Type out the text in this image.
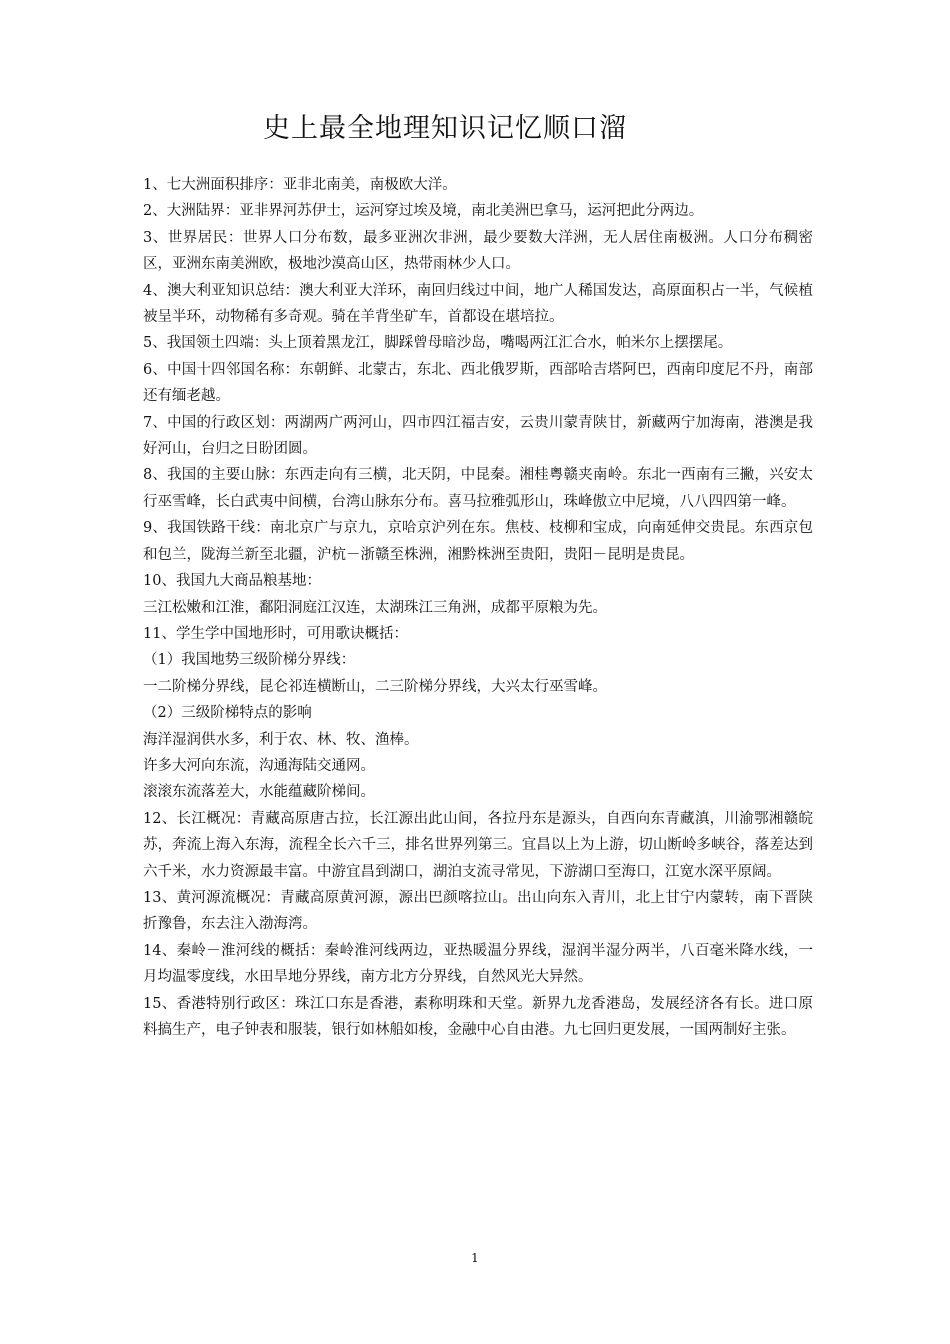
史上最全地理知识记忆顺口溜

1、七大洲面积排序：亚非北南美，南极欧大洋。

2、大洲陆界：亚非界河苏伊士，运河穿过埃及境，南北美洲巴拿马，运河把此分两边。

3、世界居民：世界人口分布数，最多亚洲次非洲，最少要数大洋洲，无人居住南极洲。人口分布稠密区，亚洲东南美洲欧，极地沙漠高山区，热带雨林少人口。

4、澳大利亚知识总结：澳大利亚大洋环，南回归线过中间，地广人稀国发达，高原面积占一半，气候植被呈半环，动物稀有多奇观。骑在羊背坐矿车，首都设在堪培拉。

5、我国领土四端：头上顶着黑龙江，脚踩曾母暗沙岛，嘴喝两江汇合水，帕米尔上摆摆尾。

6、中国十四邻国名称：东朝鲜、北蒙古，东北、西北俄罗斯，西部哈吉塔阿巴，西南印度尼不丹，南部还有缅老越。

7、中国的行政区划：两湖两广两河山，四市四江福吉安，云贵川蒙青陕甘，新藏两宁加海南，港澳是我好河山，台归之日盼团圆。

8、我国的主要山脉：东西走向有三横，北天阴，中昆秦。湘桂粤赣夹南岭。东北一西南有三撇，兴安太行巫雪峰，长白武夷中间横，台湾山脉东分布。喜马拉雅弧形山，珠峰傲立中尼境，八八四四第一峰。

9、我国铁路干线：南北京广与京九，京哈京沪列在东。焦枝、枝柳和宝成，向南延伸交贵昆。东西京包和包兰，陇海兰新至北疆，沪杭－浙赣至株洲，湘黔株洲至贵阳，贵阳－昆明是贵昆。

10、我国九大商品粮基地：

三江松嫩和江淮，鄱阳洞庭江汉连，太湖珠江三角洲，成都平原粮为先。

11、学生学中国地形时，可用歌诀概括：

（1）我国地势三级阶梯分界线：

一二阶梯分界线，昆仑祁连横断山，二三阶梯分界线，大兴太行巫雪峰。

（2）三级阶梯特点的影响

海洋湿润供水多，利于农、林、牧、渔棒。

许多大河向东流，沟通海陆交通网。

滚滚东流落差大，水能蕴藏阶梯间。

12、长江概况：青藏高原唐古拉，长江源出此山间，各拉丹东是源头，自西向东青藏滇，川渝鄂湘赣皖苏，奔流上海入东海，流程全长六千三，排名世界列第三。宜昌以上为上游，切山断岭多峡谷，落差达到六千米，水力资源最丰富。中游宜昌到湖口，湖泊支流寻常见，下游湖口至海口，江宽水深平原阔。

13、黄河源流概况：青藏高原黄河源，源出巴颜喀拉山。出山向东入青川，北上甘宁内蒙转，南下晋陕折豫鲁，东去注入渤海湾。

14、秦岭－淮河线的概括：秦岭淮河线两边，亚热暖温分界线，湿润半湿分两半，八百毫米降水线，一月均温零度线，水田旱地分界线，南方北方分界线，自然风光大异然。

15、香港特别行政区：珠江口东是香港，素称明珠和天堂。新界九龙香港岛，发展经济各有长。进口原料搞生产，电子钟表和服装，银行如林船如梭，金融中心自由港。九七回归更发展，一国两制好主张。

1
